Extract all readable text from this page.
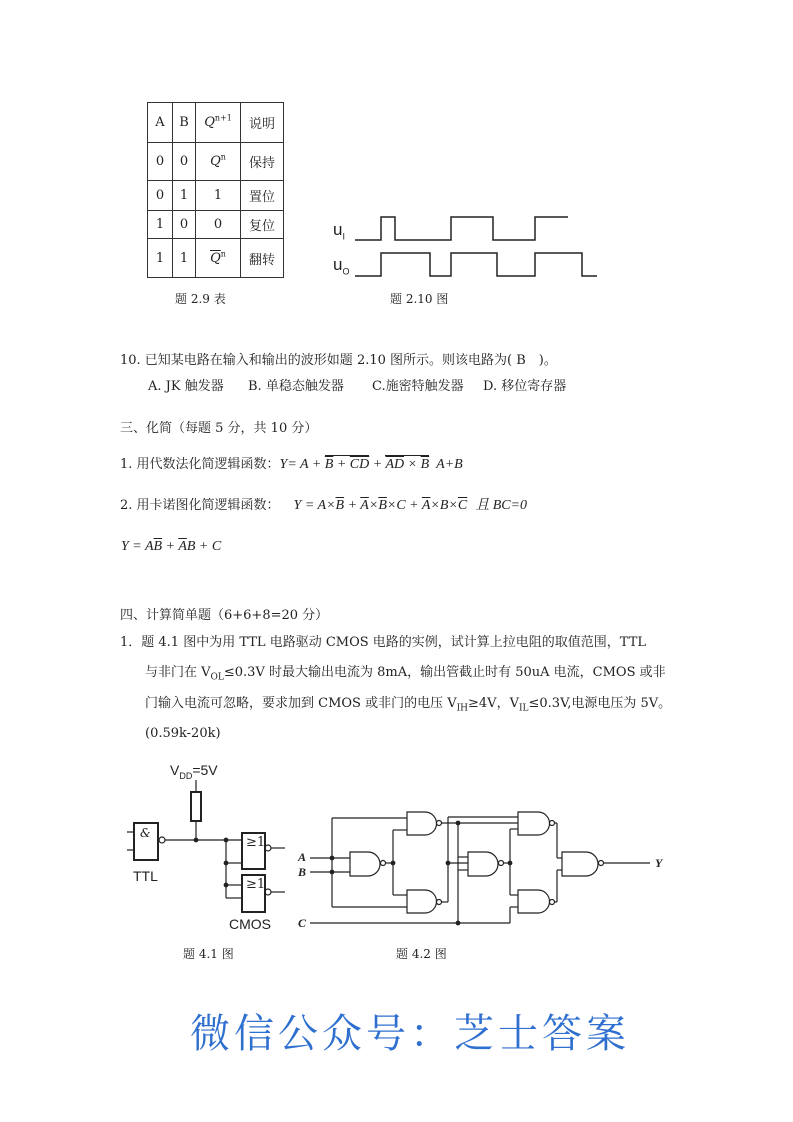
A	B	$Q^{n+1}$	说明
0	0	$Q^n$	保持
0	1	1	置位
1	0	0	复位
1	1	$\overline{Q}^n$	翻转
题 2.9 表
$u_I$
$u_O$
题 2.10 图
10. 已知某电路在输入和输出的波形如题 2.10 图所示。则该电路为( B　)。
A. JK 触发器 B. 单稳态触发器 C.施密特触发器 D. 移位寄存器
三、化简（每题 5 分，共 10 分）
1. 用代数法化简逻辑函数：$Y= A + \overline{B} + \overline{CD} + \overline{AD} \times \overline{B}$ A+B
2. 用卡诺图化简逻辑函数： $Y = A\times\overline{B} + \overline{A}\times\overline{B}\times C + \overline{A}\times B\times\overline{C}$ 且 BC=0
$Y = A\overline{B} + \overline{A}B + C$
四、计算简单题（6+6+8=20 分）
1．题 4.1 图中为用 TTL 电路驱动 CMOS 电路的实例，试计算上拉电阻的取值范围，TTL
与非门在 $V_{OL}\le 0.3V$ 时最大输出电流为 8mA，输出管截止时有 50uA 电流，CMOS 或非
门输入电流可忽略，要求加到 CMOS 或非门的电压 $V_{IH}\ge 4V$，$V_{IL}\le 0.3V$,电源电压为 5V。
(0.59k-20k)
$V_{DD}=5V$
&
≥1
≥1
TTL
CMOS
题 4.1 图
A
B
C
Y
题 4.2 图
微信公众号：芝士答案
